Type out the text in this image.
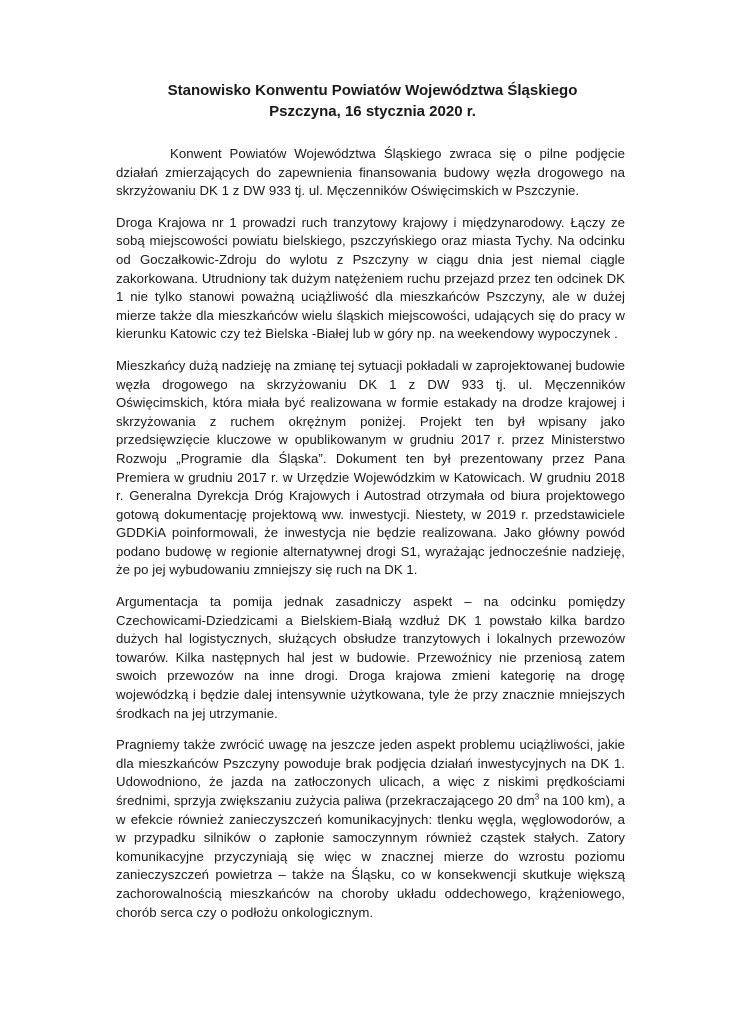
Stanowisko Konwentu Powiatów Województwa Śląskiego
Pszczyna, 16 stycznia 2020 r.

Konwent Powiatów Województwa Śląskiego zwraca się o pilne podjęcie działań zmierzających do zapewnienia finansowania budowy węzła drogowego na skrzyżowaniu DK 1 z DW 933 tj. ul. Męczenników Oświęcimskich w Pszczynie.

Droga Krajowa nr 1 prowadzi ruch tranzytowy krajowy i międzynarodowy. Łączy ze sobą miejscowości powiatu bielskiego, pszczyńskiego oraz miasta Tychy. Na odcinku od Goczałkowic-Zdroju do wylotu z Pszczyny w ciągu dnia jest niemal ciągle zakorkowana. Utrudniony tak dużym natężeniem ruchu przejazd przez ten odcinek DK 1 nie tylko stanowi poważną uciążliwość dla mieszkańców Pszczyny, ale w dużej mierze także dla mieszkańców wielu śląskich miejscowości, udających się do pracy w kierunku Katowic czy też Bielska -Białej lub w góry np. na weekendowy wypoczynek .

Mieszkańcy dużą nadzieję na zmianę tej sytuacji pokładali w zaprojektowanej budowie węzła drogowego na skrzyżowaniu DK 1 z DW 933 tj. ul. Męczenników Oświęcimskich, która miała być realizowana w formie estakady na drodze krajowej i skrzyżowania z ruchem okrężnym poniżej. Projekt ten był wpisany jako przedsięwzięcie kluczowe w opublikowanym w grudniu 2017 r. przez Ministerstwo Rozwoju „Programie dla Śląska”. Dokument ten był prezentowany przez Pana Premiera w grudniu 2017 r. w Urzędzie Wojewódzkim w Katowicach. W grudniu 2018 r. Generalna Dyrekcja Dróg Krajowych i Autostrad otrzymała od biura projektowego gotową dokumentację projektową ww. inwestycji. Niestety, w 2019 r. przedstawiciele GDDKiA poinformowali, że inwestycja nie będzie realizowana. Jako główny powód podano budowę w regionie alternatywnej drogi S1, wyrażając jednocześnie nadzieję, że po jej wybudowaniu zmniejszy się ruch na DK 1.

Argumentacja ta pomija jednak zasadniczy aspekt – na odcinku pomiędzy Czechowicami-Dziedzicami a Bielskiem-Białą wzdłuż DK 1 powstało kilka bardzo dużych hal logistycznych, służących obsłudze tranzytowych i lokalnych przewozów towarów. Kilka następnych hal jest w budowie. Przewoźnicy nie przeniosą zatem swoich przewozów na inne drogi. Droga krajowa zmieni kategorię na drogę wojewódzką i będzie dalej intensywnie użytkowana, tyle że przy znacznie mniejszych środkach na jej utrzymanie.

Pragniemy także zwrócić uwagę na jeszcze jeden aspekt problemu uciążliwości, jakie dla mieszkańców Pszczyny powoduje brak podjęcia działań inwestycyjnych na DK 1. Udowodniono, że jazda na zatłoczonych ulicach, a więc z niskimi prędkościami średnimi, sprzyja zwiększaniu zużycia paliwa (przekraczającego 20 $dm^3$ na 100 km), a w efekcie również zanieczyszczeń komunikacyjnych: tlenku węgla, węglowodorów, a w przypadku silników o zapłonie samoczynnym również cząstek stałych. Zatory komunikacyjne przyczyniają się więc w znacznej mierze do wzrostu poziomu zanieczyszczeń powietrza – także na Śląsku, co w konsekwencji skutkuje większą zachorowalnością mieszkańców na choroby układu oddechowego, krążeniowego, chorób serca czy o podłożu onkologicznym.
